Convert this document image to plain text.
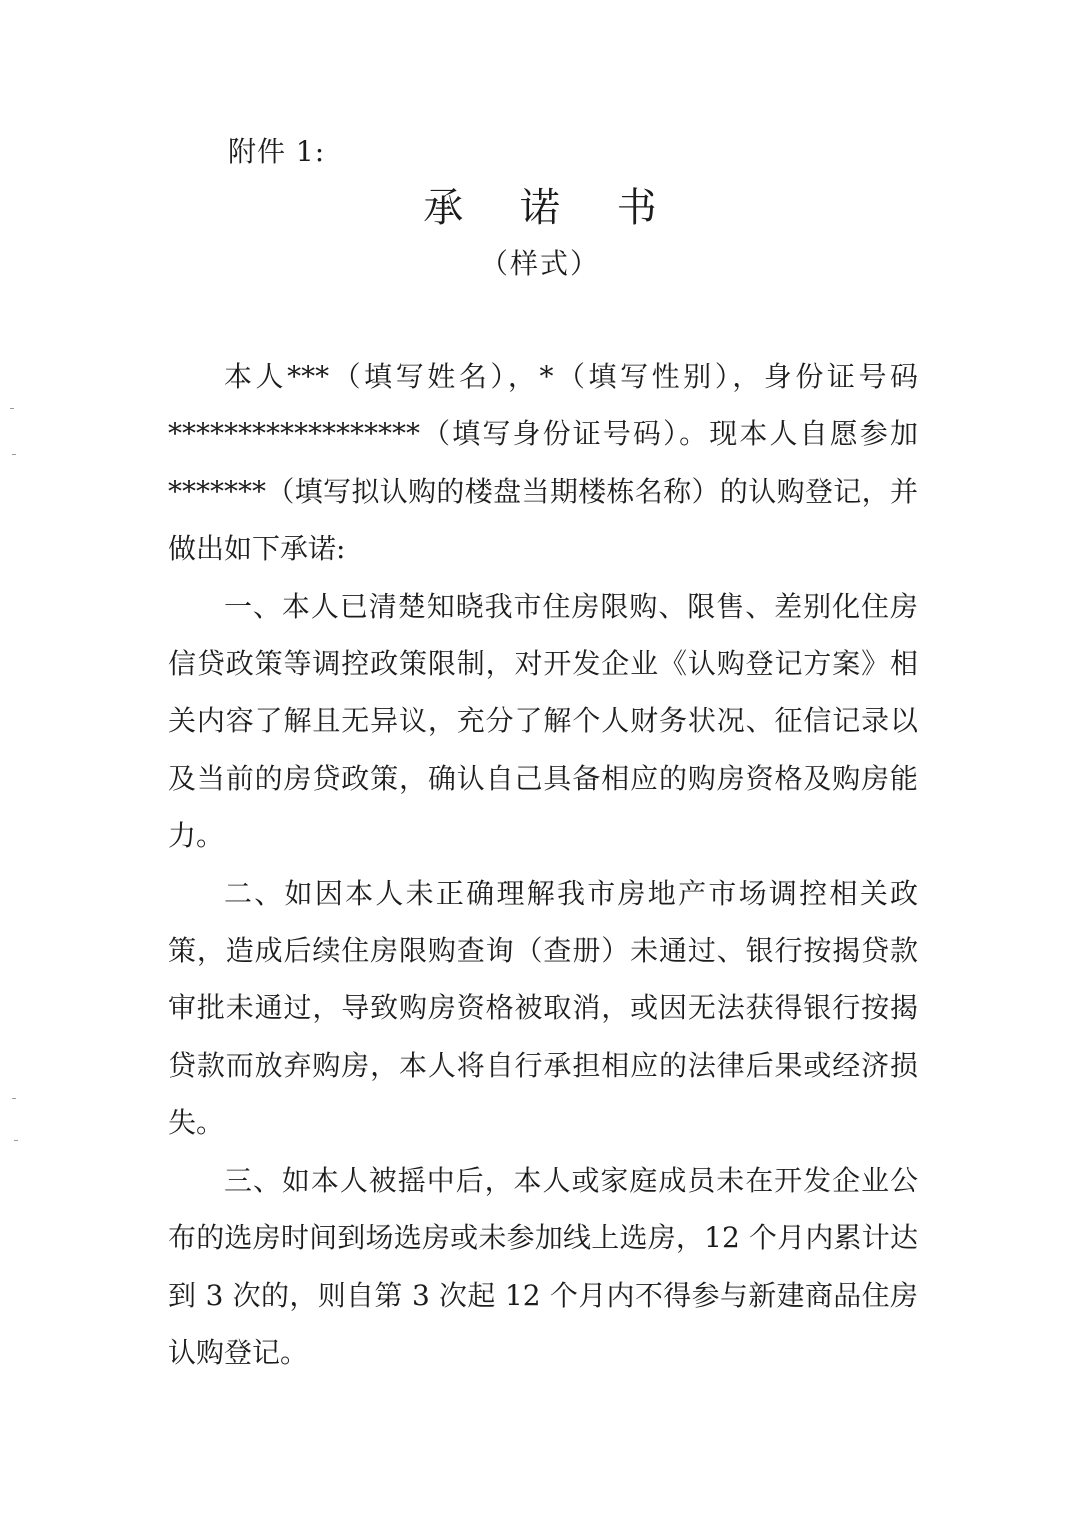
附件 1:
承 诺 书
（样式）

本人***（填写姓名），*（填写性别），身份证号码******************（填写身份证号码）。现本人自愿参加*******（填写拟认购的楼盘当期楼栋名称）的认购登记，并做出如下承诺:

一、本人已清楚知晓我市住房限购、限售、差别化住房信贷政策等调控政策限制，对开发企业《认购登记方案》相关内容了解且无异议，充分了解个人财务状况、征信记录以及当前的房贷政策，确认自己具备相应的购房资格及购房能力。

二、如因本人未正确理解我市房地产市场调控相关政策，造成后续住房限购查询（查册）未通过、银行按揭贷款审批未通过，导致购房资格被取消，或因无法获得银行按揭贷款而放弃购房，本人将自行承担相应的法律后果或经济损失。

三、如本人被摇中后，本人或家庭成员未在开发企业公布的选房时间到场选房或未参加线上选房，12 个月内累计达到 3 次的，则自第 3 次起 12 个月内不得参与新建商品住房认购登记。
